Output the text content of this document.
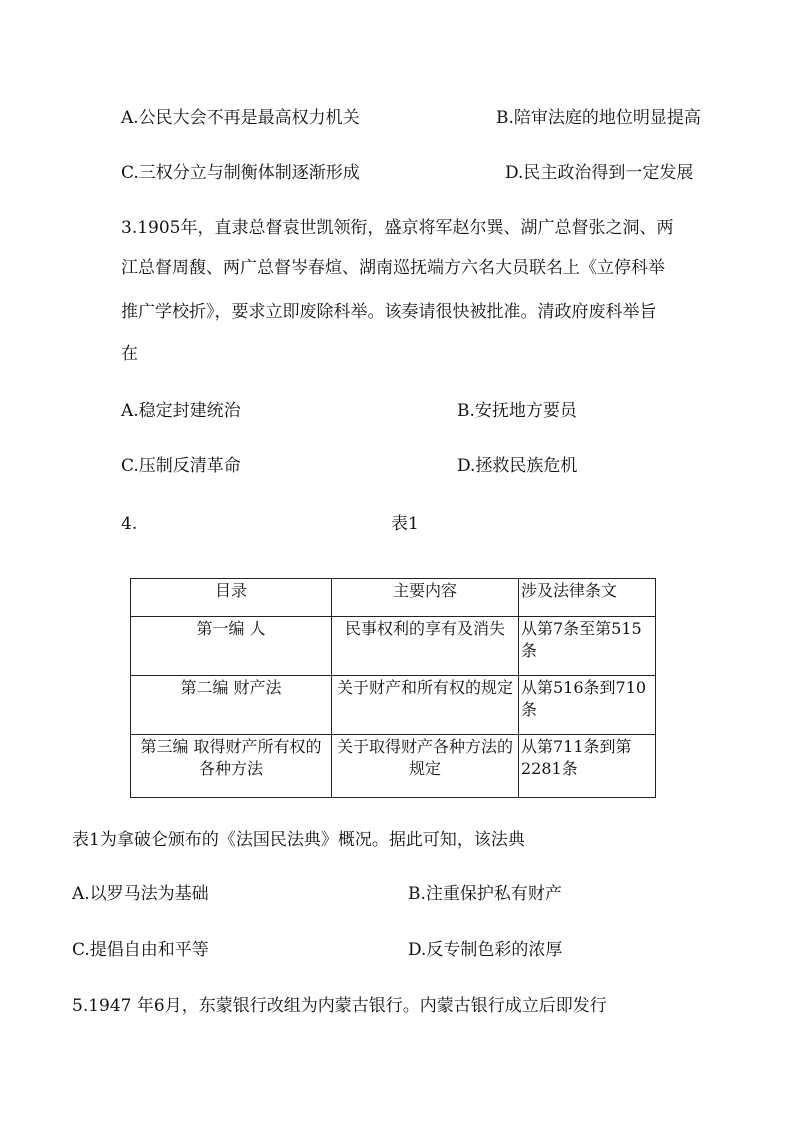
A.公民大会不再是最高权力机关	B.陪审法庭的地位明显提高
C.三权分立与制衡体制逐渐形成	D.民主政治得到一定发展
3.1905年，直隶总督袁世凯领衔，盛京将军赵尔巽、湖广总督张之洞、两
江总督周馥、两广总督岑春煊、湖南巡抚端方六名大员联名上《立停科举
推广学校折》，要求立即废除科举。该奏请很快被批准。清政府废科举旨
在
A.稳定封建统治	B.安抚地方要员
C.压制反清革命	D.拯救民族危机
4.	表1
目录	主要内容	涉及法律条文
第一编 人	民事权利的享有及消失	从第7条至第515条
第二编 财产法	关于财产和所有权的规定	从第516条到710条
第三编 取得财产所有权的各种方法	关于取得财产各种方法的规定	从第711条到第2281条
表1为拿破仑颁布的《法国民法典》概况。据此可知，该法典
A.以罗马法为基础	B.注重保护私有财产
C.提倡自由和平等	D.反专制色彩的浓厚
5.1947 年6月，东蒙银行改组为内蒙古银行。内蒙古银行成立后即发行
